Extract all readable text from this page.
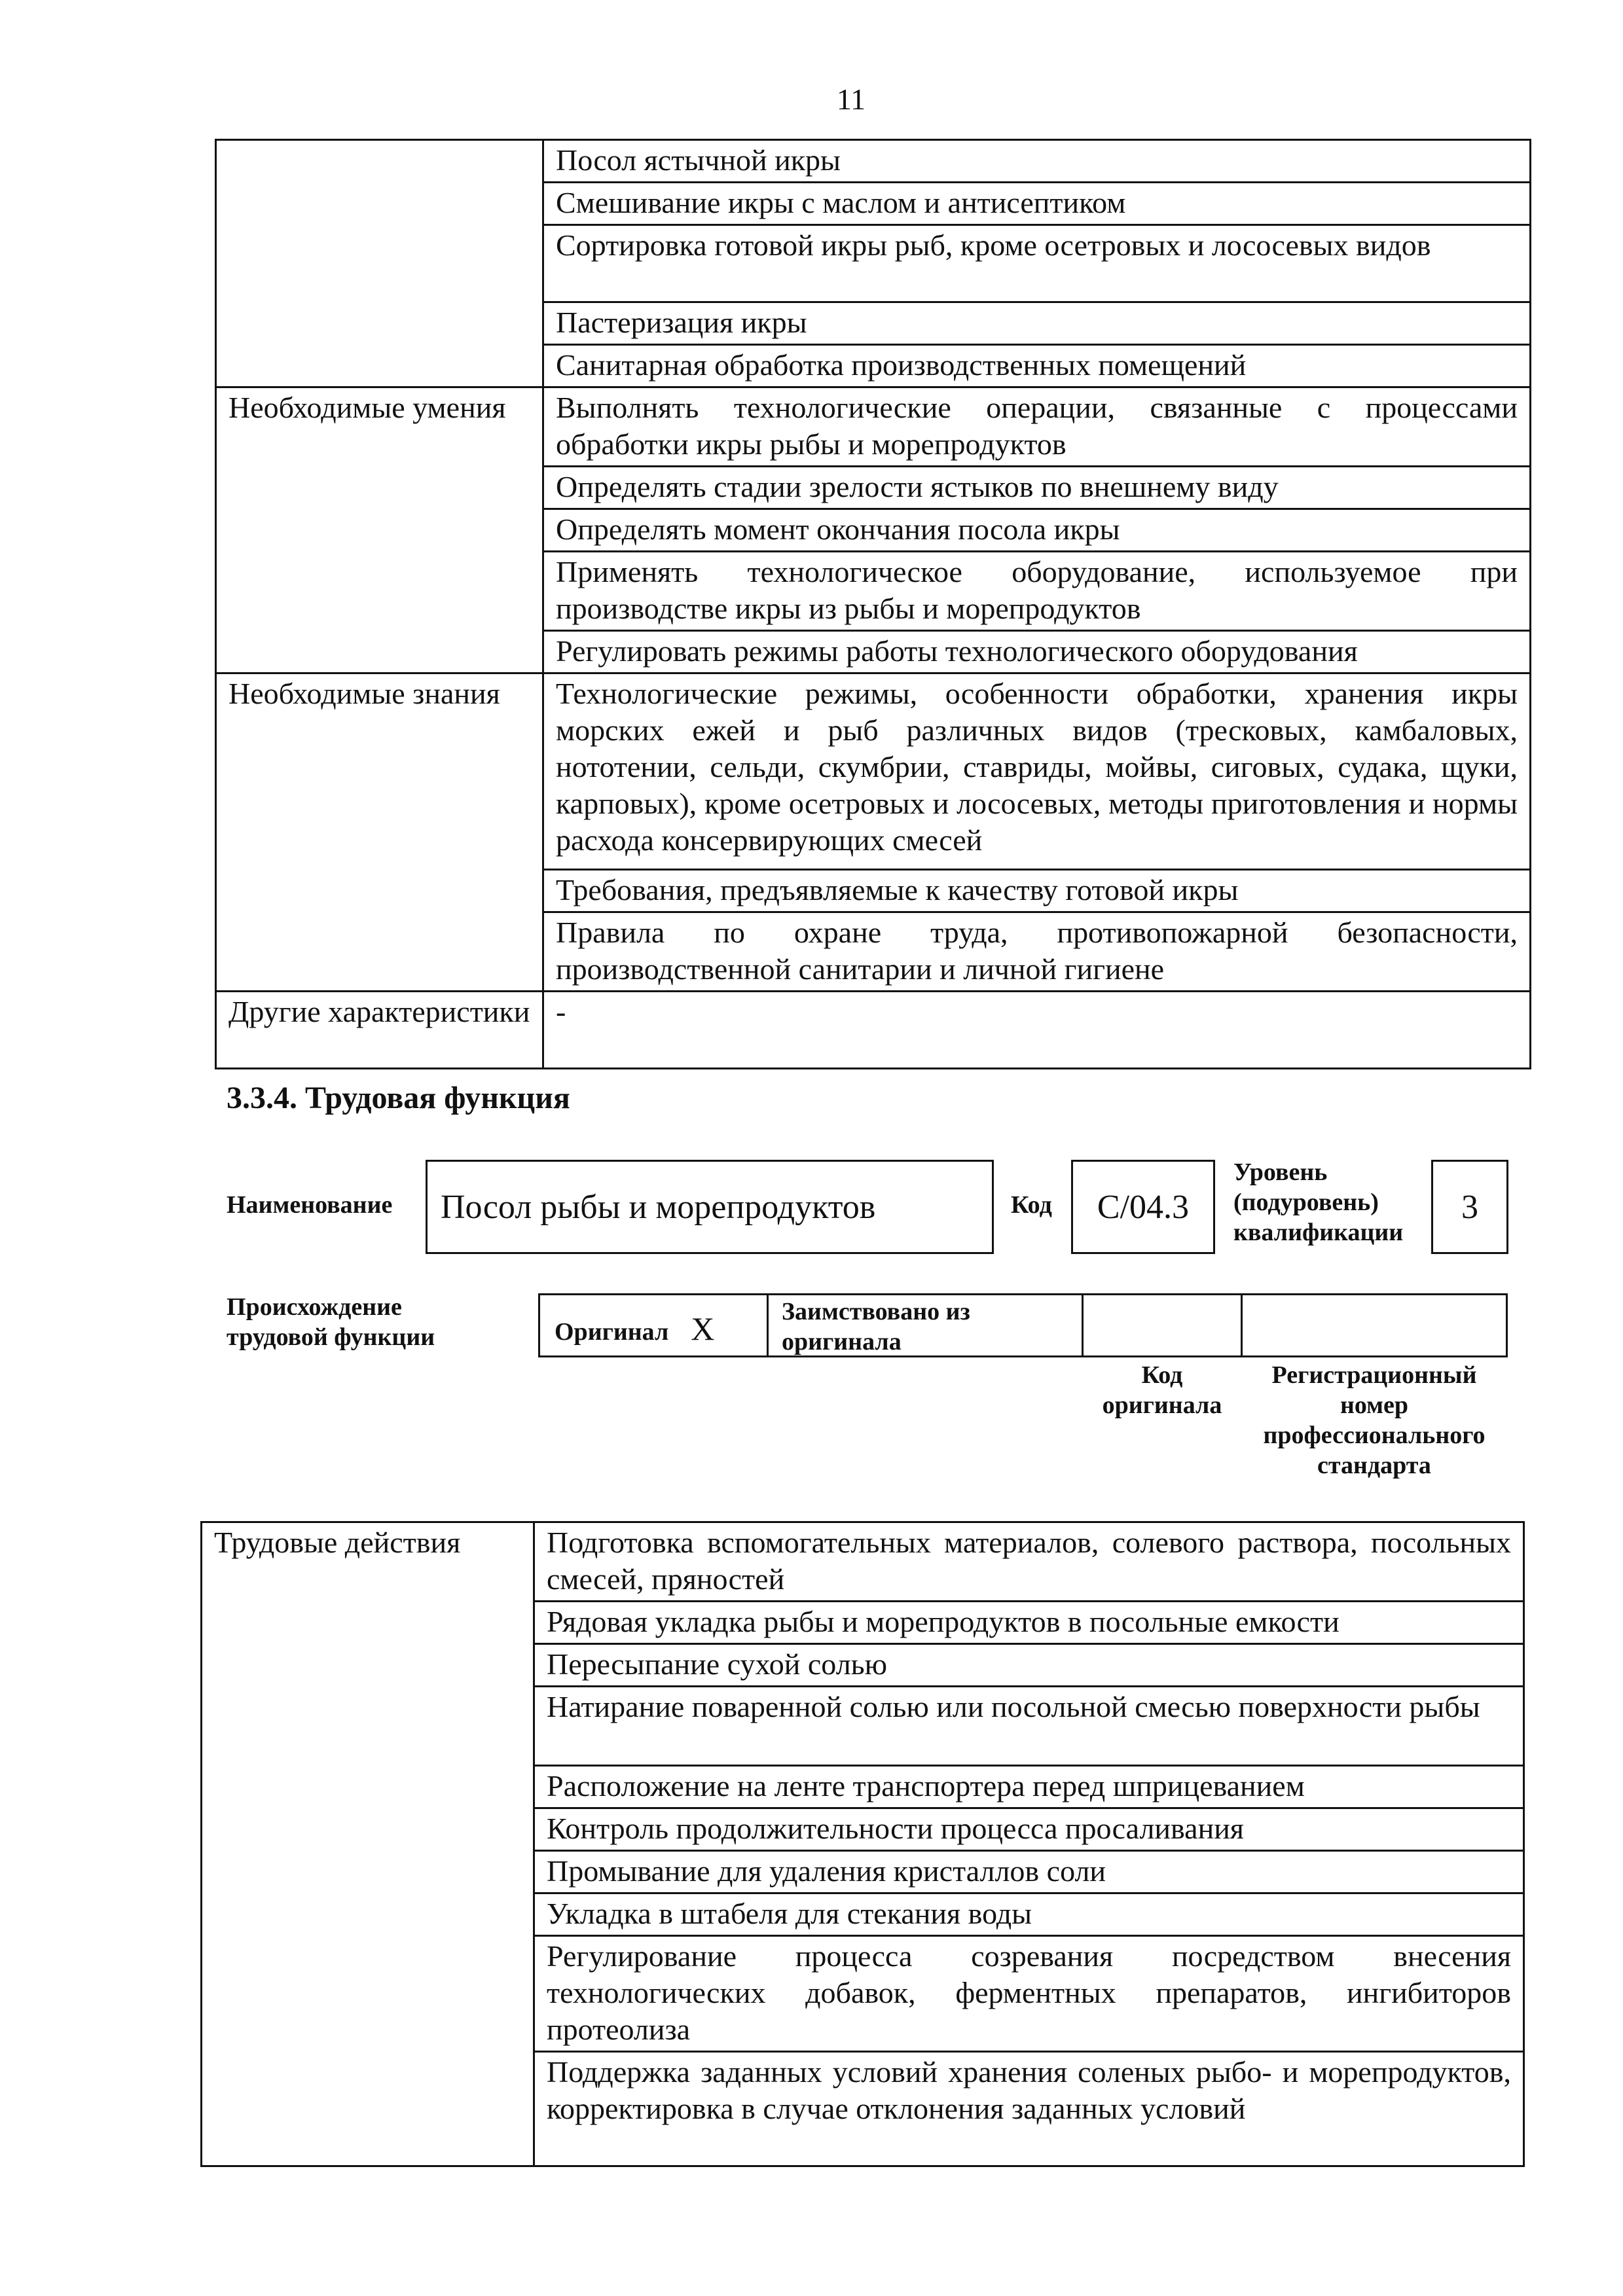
11
	Посол ястычной икры
	Смешивание икры с маслом и антисептиком
	Сортировка готовой икры рыб, кроме осетровых и лососевых видов
	Пастеризация икры
	Санитарная обработка производственных помещений
Необходимые умения	Выполнять технологические операции, связанные с процессами обработки икры рыбы и морепродуктов
	Определять стадии зрелости ястыков по внешнему виду
	Определять момент окончания посола икры
	Применять технологическое оборудование, используемое при производстве икры из рыбы и морепродуктов
	Регулировать режимы работы технологического оборудования
Необходимые знания	Технологические режимы, особенности обработки, хранения икры морских ежей и рыб различных видов (тресковых, камбаловых, нототении, сельди, скумбрии, ставриды, мойвы, сиговых, судака, щуки, карповых), кроме осетровых и лососевых, методы приготовления и нормы расхода консервирующих смесей
	Требования, предъявляемые к качеству готовой икры
	Правила по охране труда, противопожарной безопасности, производственной санитарии и личной гигиене
Другие характеристики	-
3.3.4. Трудовая функция
Наименование	Посол рыбы и морепродуктов	Код	C/04.3
Уровень (подуровень) квалификации
3
Происхождение трудовой функции	Оригинал X	Заимствовано из оригинала
Код оригинала
Регистрационный номер профессионального стандарта
Трудовые действия	Подготовка вспомогательных материалов, солевого раствора, посольных смесей, пряностей
Рядовая укладка рыбы и морепродуктов в посольные емкости
Пересыпание сухой солью
Натирание поваренной солью или посольной смесью поверхности рыбы
Расположение на ленте транспортера перед шприцеванием
Контроль продолжительности процесса просаливания
Промывание для удаления кристаллов соли
Укладка в штабеля для стекания воды
Регулирование процесса созревания посредством внесения технологических добавок, ферментных препаратов, ингибиторов протеолиза
Поддержка заданных условий хранения соленых рыбо- и морепродуктов, корректировка в случае отклонения заданных условий
